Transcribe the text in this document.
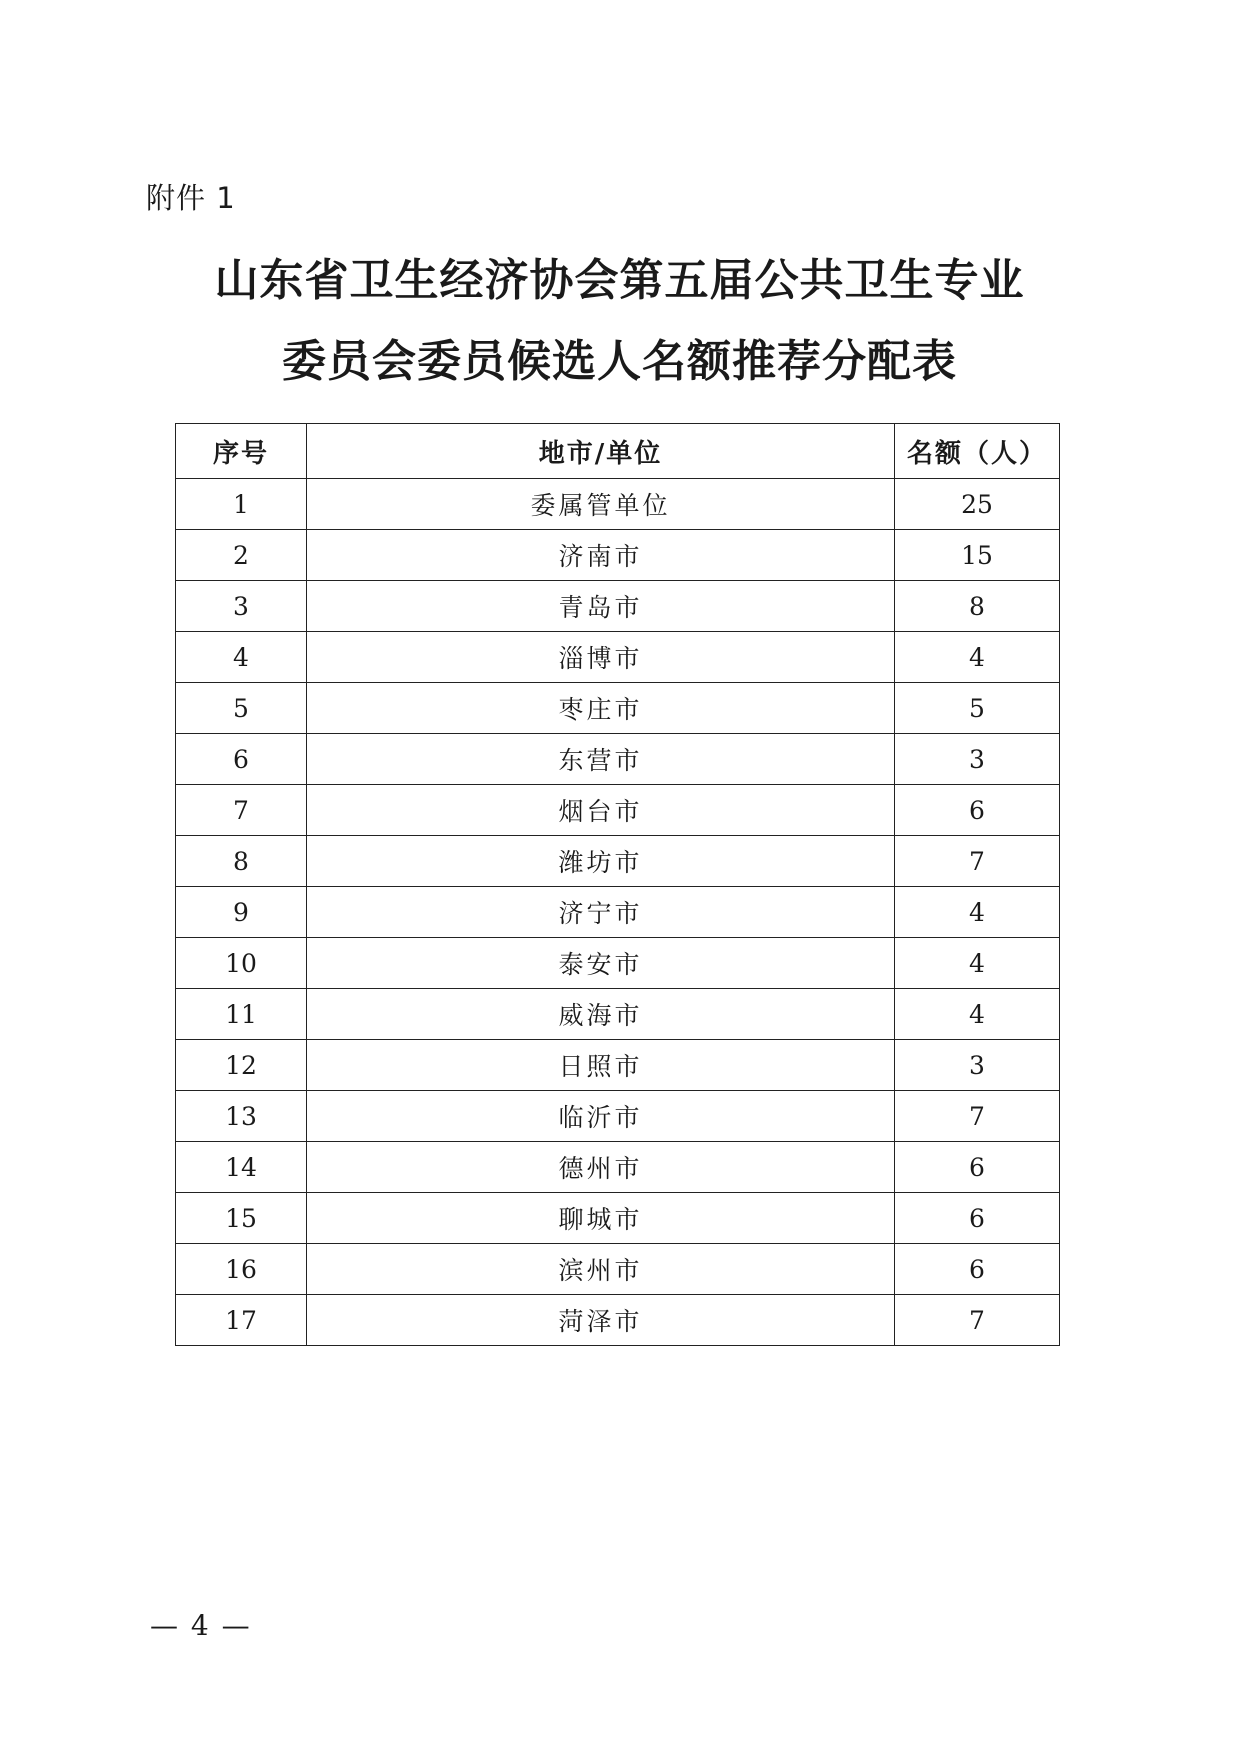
附件 1
山东省卫生经济协会第五届公共卫生专业
委员会委员候选人名额推荐分配表
序号	地市/单位	名额（人）
1	委属管单位	25
2	济南市	15
3	青岛市	8
4	淄博市	4
5	枣庄市	5
6	东营市	3
7	烟台市	6
8	潍坊市	7
9	济宁市	4
10	泰安市	4
11	威海市	4
12	日照市	3
13	临沂市	7
14	德州市	6
15	聊城市	6
16	滨州市	6
17	菏泽市	7
— 4 —
